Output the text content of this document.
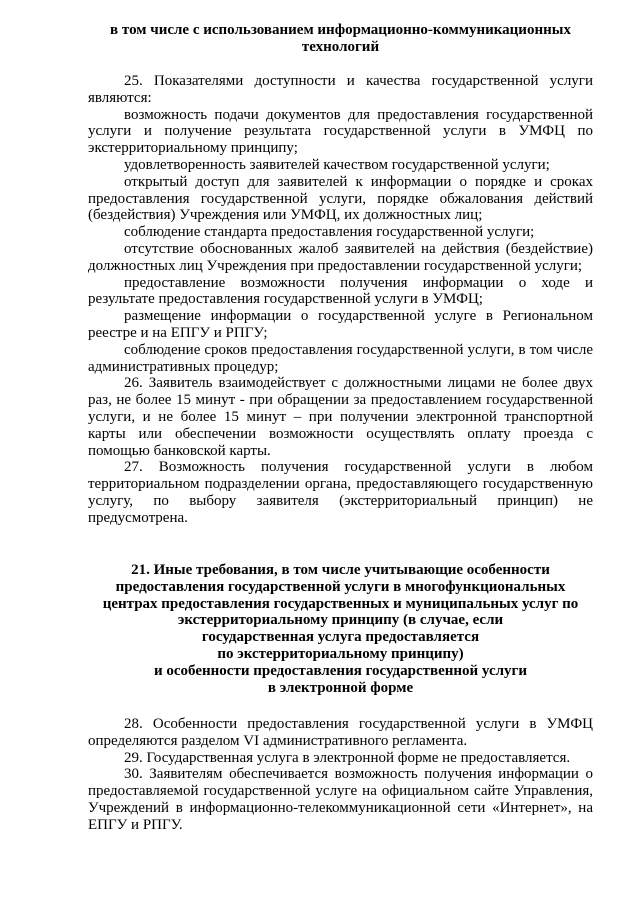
в том числе с использованием информационно-коммуникационных технологий

25. Показателями доступности и качества государственной услуги являются:

возможность подачи документов для предоставления государственной услуги и получение результата государственной услуги в УМФЦ по экстерриториальному принципу;

удовлетворенность заявителей качеством государственной услуги;

открытый доступ для заявителей к информации о порядке и сроках предоставления государственной услуги, порядке обжалования действий (бездействия) Учреждения или УМФЦ, их должностных лиц;

соблюдение стандарта предоставления государственной услуги;

отсутствие обоснованных жалоб заявителей на действия (бездействие) должностных лиц Учреждения при предоставлении государственной услуги;

предоставление возможности получения информации о ходе и результате предоставления государственной услуги в УМФЦ;

размещение информации о государственной услуге в Региональном реестре и на ЕПГУ и РПГУ;

соблюдение сроков предоставления государственной услуги, в том числе административных процедур;

26. Заявитель взаимодействует с должностными лицами не более двух раз, не более 15 минут - при обращении за предоставлением государственной услуги, и не более 15 минут – при получении электронной транспортной карты или обеспечении возможности осуществлять оплату проезда с помощью банковской карты.

27. Возможность получения государственной услуги в любом территориальном подразделении органа, предоставляющего государственную услугу, по выбору заявителя (экстерриториальный принцип) не предусмотрена.

21. Иные требования, в том числе учитывающие особенности
предоставления государственной услуги в многофункциональных
центрах предоставления государственных и муниципальных услуг по
экстерриториальному принципу (в случае, если
государственная услуга предоставляется
по экстерриториальному принципу)
и особенности предоставления государственной услуги
в электронной форме

28. Особенности предоставления государственной услуги в УМФЦ определяются разделом VI административного регламента.

29. Государственная услуга в электронной форме не предоставляется.

30. Заявителям обеспечивается возможность получения информации о предоставляемой государственной услуге на официальном сайте Управления, Учреждений в информационно-телекоммуникационной сети «Интернет», на ЕПГУ и РПГУ.
